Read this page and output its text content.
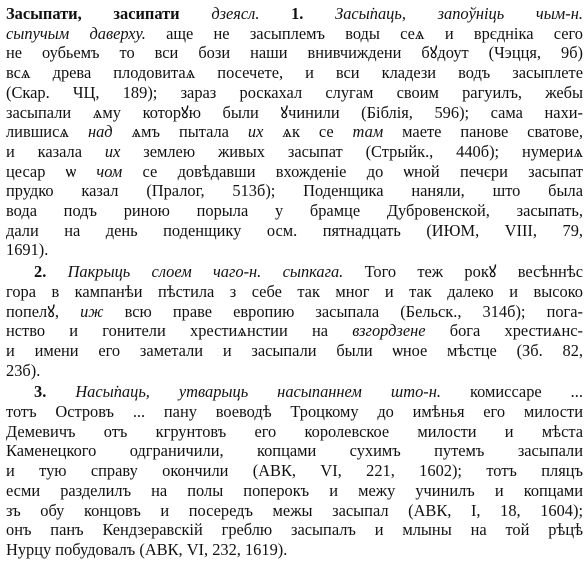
Засыпати, засипати дзеясл. 1. Засы̇паць, запоўніць чым-н.
сыпучым даверху. аще не засыплемъ воды сеѧ и врєдніка сего
не оубьемъ то вси бози наши внивчиждени бꙋдоут (Чэцця, 9б)
всѧ древа плодовитаѧ посечете, и вси кладези водъ засыплете
(Скар. ЧЦ, 189); зараз роскахал слугам своим рагуилъ, жебы
засыпали ѧму которꙋю были ꙋчинили (Біблія, 596); сама нахи-
лившисѧ над ѧмъ пытала их ѧк се там маете панове сватове,
и казала их землею живых засыпат (Стрыйк., 440б); нумериѧ
цесар ѡ чом се довѣдавши вхожденіе до ѡной печєри засыпат
прудко казал (Пралог, 513б); Поденщика наняли, што была
вода подъ риною порыла у брамце Дубровенской, засыпать,
дали на день поденщику осм. пятнадцать (ИЮМ, VIII, 79,
1691).
2. Пакрыць слоем чаго-н. сыпкага. Того теж рокꙋ весѣннѣс
гора в кампанѣи пѣстила з себе так мног и так далеко и высоко
попелꙋ, иж всю праве европию засыпала (Бельск., 314б); пога-
нство и гонители хрестиѧнстии на взгордзене бога хрестиѧнс-
и имени его заметали и засыпали были ѡное мѣстце (Зб. 82,
23б).
3. Насы̇паць, утварыць насыпаннем што-н. комиссаре ...
тотъ Островъ ... пану воеводѣ Троцкому до имѣнья его милости
Демевичъ отъ кгрунтовъ его королевское милости и мѣста
Каменецкого одграничили, копцами сухимъ путемъ засыпали
и тую справу окончили (АВК, VI, 221, 1602); тотъ пляцъ
есми разделилъ на полы поперокъ и межу учинилъ и копцами
зъ обу концовъ и посередъ межы засыпал (АВК, I, 18, 1604);
онъ панъ Кендзеравскій греблю засыпалъ и млыны на той рѣцѣ
Нурцу побудовалъ (АВК, VI, 232, 1619).
